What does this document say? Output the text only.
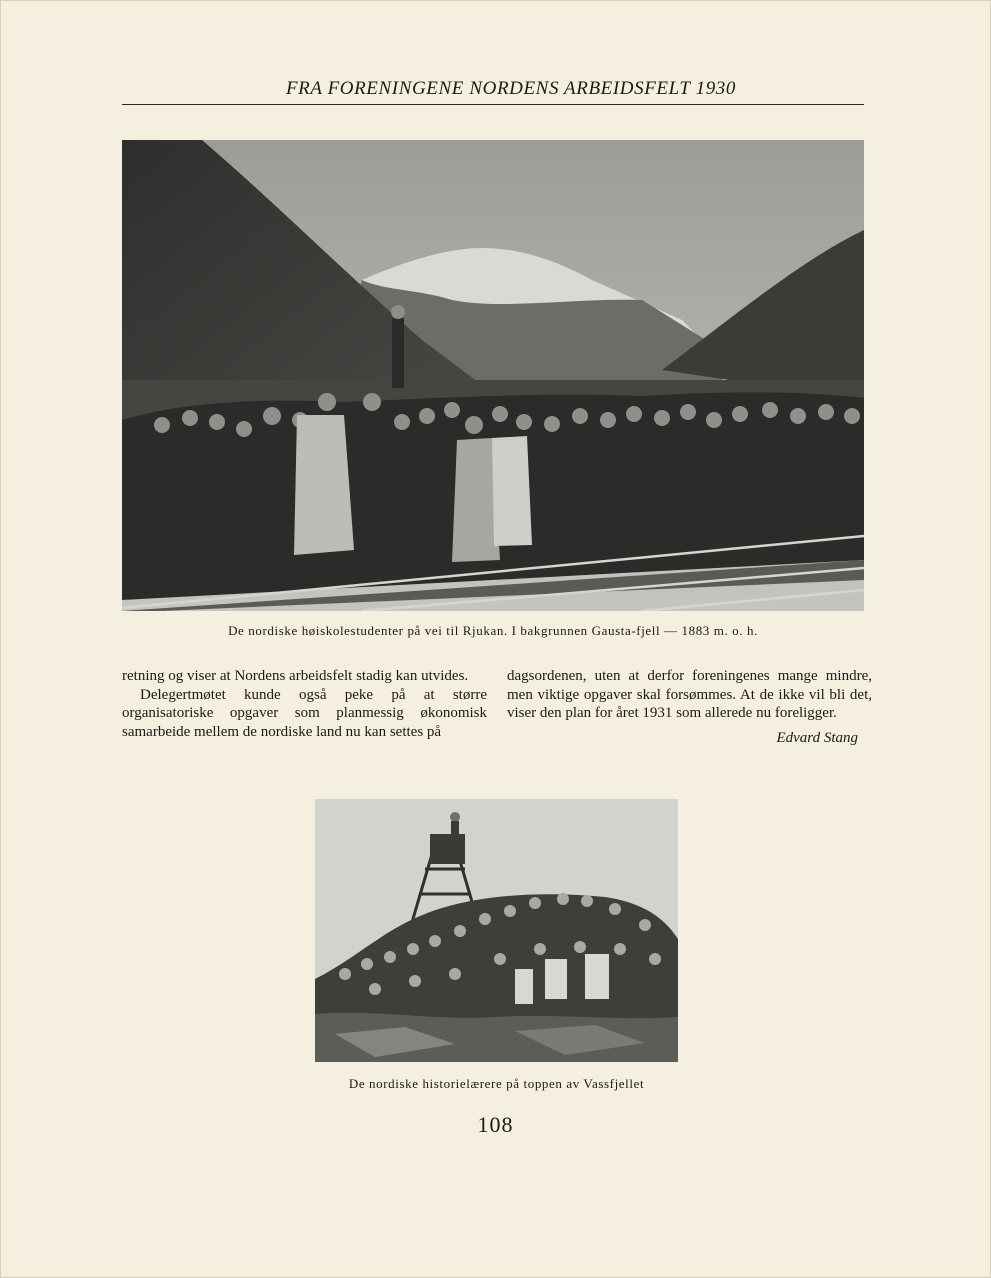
FRA FORENINGENE NORDENS ARBEIDSFELT 1930
De nordiske høiskolestudenter på vei til Rjukan. I bakgrunnen Gausta-fjell — 1883 m. o. h.

retning og viser at Nordens arbeidsfelt stadig kan utvides.

Delegertmøtet kunde også peke på at større organisatoriske opgaver som planmessig økonomisk samarbeide mellem de nordiske land nu kan settes på

dagsordenen, uten at derfor foreningenes mange mindre, men viktige opgaver skal forsømmes. At de ikke vil bli det, viser den plan for året 1931 som allerede nu foreligger.

Edvard Stang

De nordiske historielærere på toppen av Vassfjellet
108
